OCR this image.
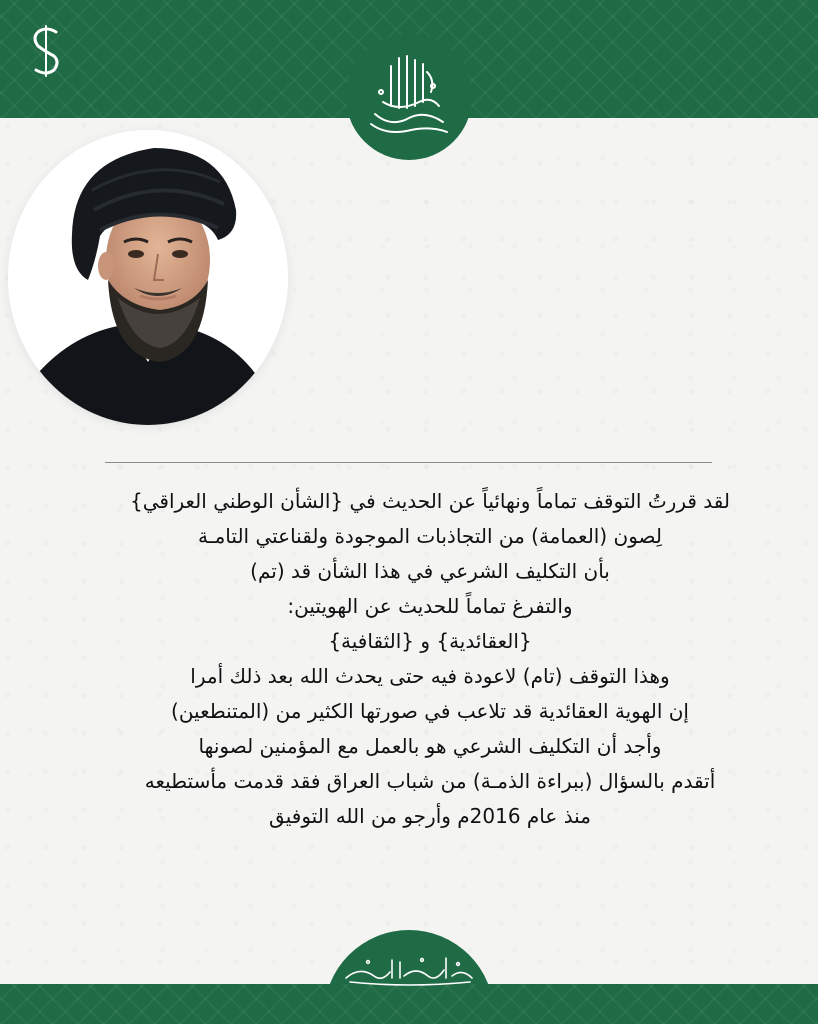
لقد قررتُ التوقف تماماً ونهائياً عن الحديث في {الشأن الوطني العراقي}
لِصون (العمامة) من التجاذبات الموجودة ولقناعتي التامـة
بأن التكليف الشرعي في هذا الشأن قد (تم)
والتفرغ تماماً للحديث عن الهويتين:
{العقائدية} و {الثقافية}
وهذا التوقف (تام) لاعودة فيه حتى يحدث الله بعد ذلك أمرا
إن الهوية العقائدية قد تلاعب في صورتها الكثير من (المتنطعين)
وأجد أن التكليف الشرعي هو بالعمل مع المؤمنين لصونها
أتقدم بالسؤال (ببراءة الذمـة) من شباب العراق فقد قدمت مأستطيعه
منذ عام 2016م وأرجو من الله التوفيق
